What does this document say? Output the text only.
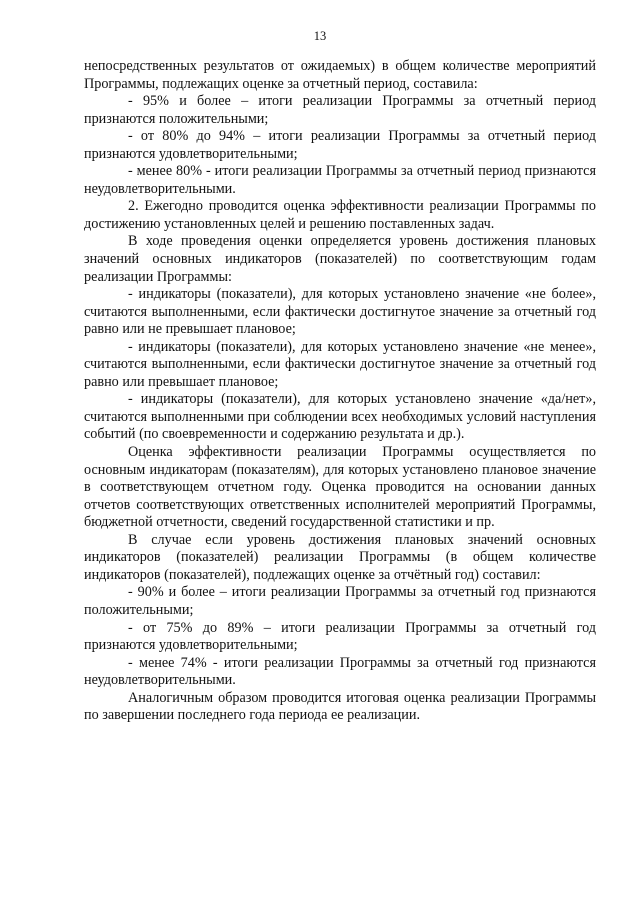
13

непосредственных результатов от ожидаемых) в общем количестве мероприятий Программы, подлежащих оценке за отчетный период, составила:

- 95% и более – итоги реализации Программы за отчетный период признаются положительными;

- от 80% до 94% – итоги реализации Программы за отчетный период признаются удовлетворительными;

- менее 80% - итоги реализации Программы за отчетный период признаются неудовлетворительными.

2. Ежегодно проводится оценка эффективности реализации Программы по достижению установленных целей и решению поставленных задач.

В ходе проведения оценки определяется уровень достижения плановых значений основных индикаторов (показателей) по соответствующим годам реализации Программы:

- индикаторы (показатели), для которых установлено значение «не более», считаются выполненными, если фактически достигнутое значение за отчетный год равно или не превышает плановое;

- индикаторы (показатели), для которых установлено значение «не менее», считаются выполненными, если фактически достигнутое значение за отчетный год равно или превышает плановое;

- индикаторы (показатели), для которых установлено значение «да/нет», считаются выполненными при соблюдении всех необходимых условий наступления событий (по своевременности и содержанию результата и др.).

Оценка эффективности реализации Программы осуществляется по основным индикаторам (показателям), для которых установлено плановое значение в соответствующем отчетном году. Оценка проводится на основании данных отчетов соответствующих ответственных исполнителей мероприятий Программы, бюджетной отчетности, сведений государственной статистики и пр.

В случае если уровень достижения плановых значений основных индикаторов (показателей) реализации Программы (в общем количестве индикаторов (показателей), подлежащих оценке за отчётный год) составил:

- 90% и более – итоги реализации Программы за отчетный год признаются положительными;

- от 75% до 89% – итоги реализации Программы за отчетный год признаются удовлетворительными;

- менее 74% - итоги реализации Программы за отчетный год признаются неудовлетворительными.

Аналогичным образом проводится итоговая оценка реализации Программы по завершении последнего года периода ее реализации.
